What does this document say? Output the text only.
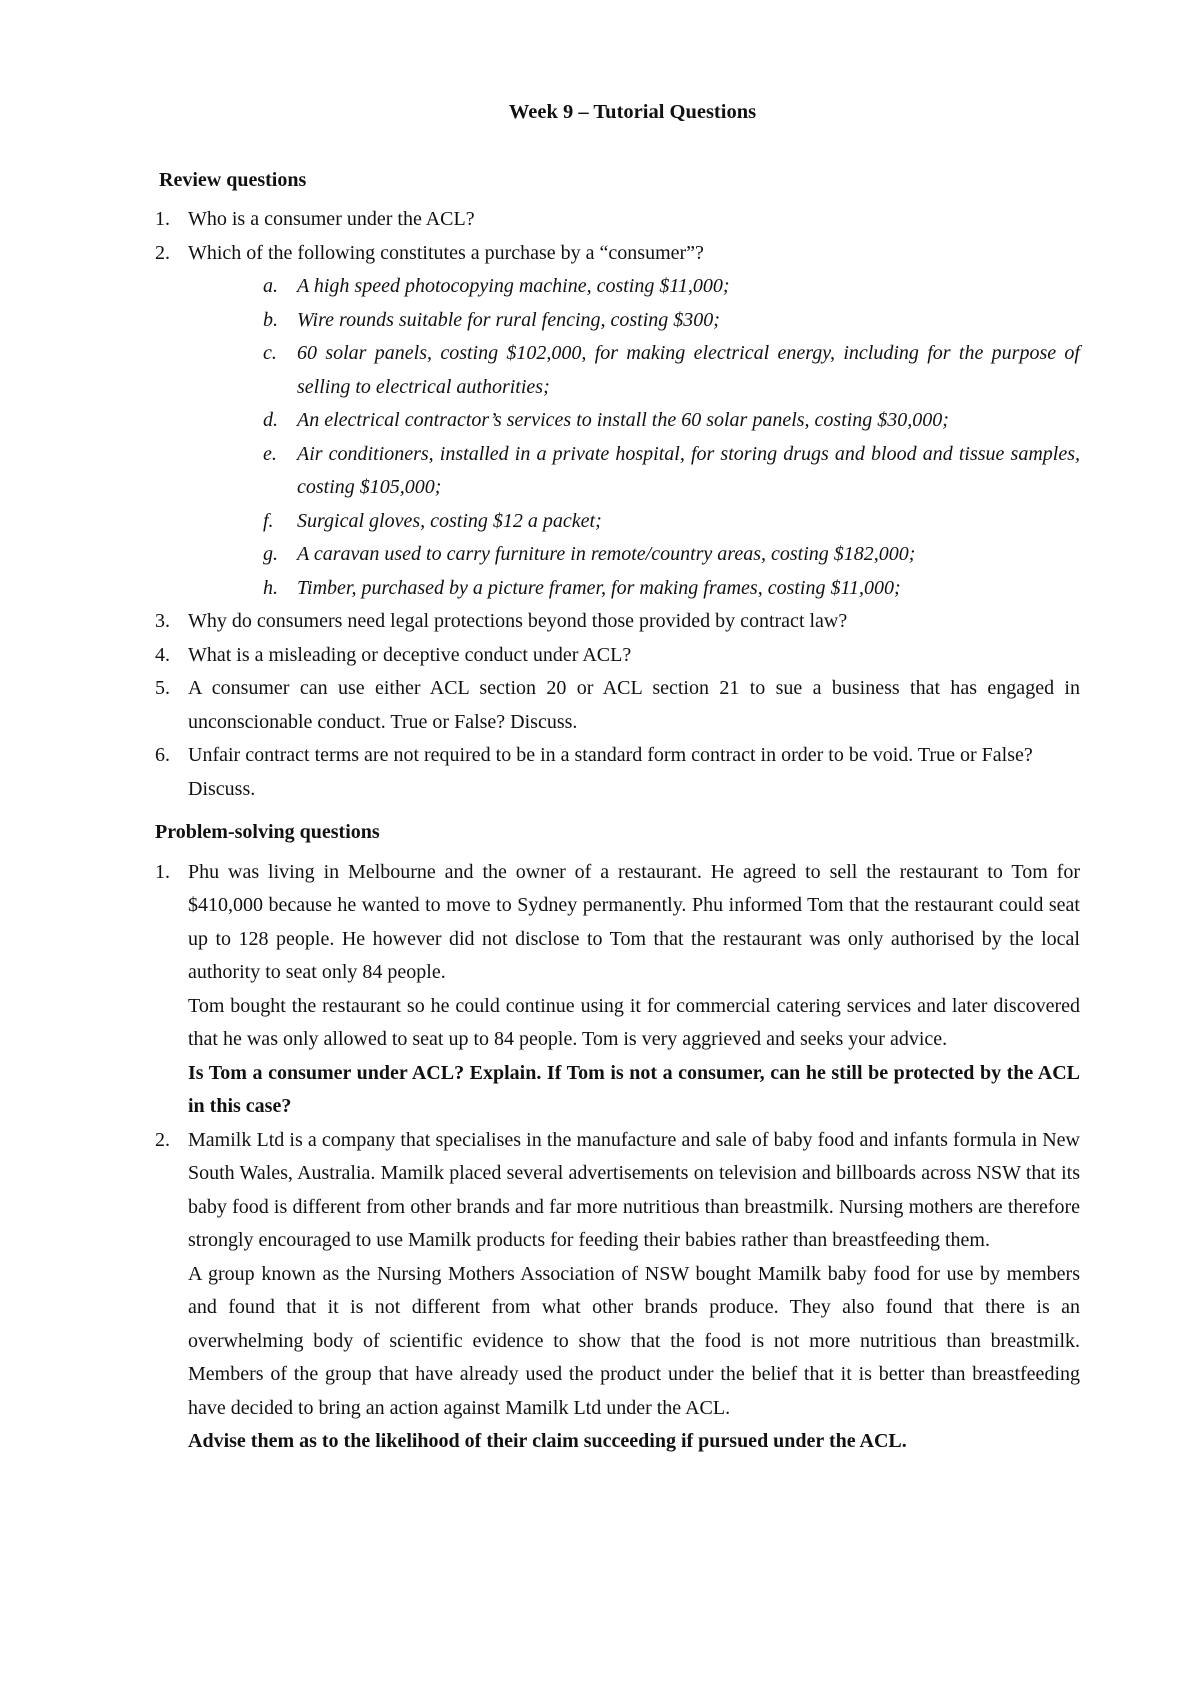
Week 9 – Tutorial Questions
Review questions
1. Who is a consumer under the ACL?
2. Which of the following constitutes a purchase by a “consumer”?
a. A high speed photocopying machine, costing $11,000;
b. Wire rounds suitable for rural fencing, costing $300;
c. 60 solar panels, costing $102,000, for making electrical energy, including for the purpose of selling to electrical authorities;
d. An electrical contractor’s services to install the 60 solar panels, costing $30,000;
e. Air conditioners, installed in a private hospital, for storing drugs and blood and tissue samples, costing $105,000;
f. Surgical gloves, costing $12 a packet;
g. A caravan used to carry furniture in remote/country areas, costing $182,000;
h. Timber, purchased by a picture framer, for making frames, costing $11,000;
3. Why do consumers need legal protections beyond those provided by contract law?
4. What is a misleading or deceptive conduct under ACL?
5. A consumer can use either ACL section 20 or ACL section 21 to sue a business that has engaged in unconscionable conduct. True or False? Discuss.
6. Unfair contract terms are not required to be in a standard form contract in order to be void. True or False? Discuss.
Problem-solving questions
1. Phu was living in Melbourne and the owner of a restaurant. He agreed to sell the restaurant to Tom for $410,000 because he wanted to move to Sydney permanently. Phu informed Tom that the restaurant could seat up to 128 people. He however did not disclose to Tom that the restaurant was only authorised by the local authority to seat only 84 people.
Tom bought the restaurant so he could continue using it for commercial catering services and later discovered that he was only allowed to seat up to 84 people. Tom is very aggrieved and seeks your advice.
Is Tom a consumer under ACL? Explain. If Tom is not a consumer, can he still be protected by the ACL in this case?
2. Mamilk Ltd is a company that specialises in the manufacture and sale of baby food and infants formula in New South Wales, Australia. Mamilk placed several advertisements on television and billboards across NSW that its baby food is different from other brands and far more nutritious than breastmilk. Nursing mothers are therefore strongly encouraged to use Mamilk products for feeding their babies rather than breastfeeding them.
A group known as the Nursing Mothers Association of NSW bought Mamilk baby food for use by members and found that it is not different from what other brands produce. They also found that there is an overwhelming body of scientific evidence to show that the food is not more nutritious than breastmilk. Members of the group that have already used the product under the belief that it is better than breastfeeding have decided to bring an action against Mamilk Ltd under the ACL.
Advise them as to the likelihood of their claim succeeding if pursued under the ACL.
